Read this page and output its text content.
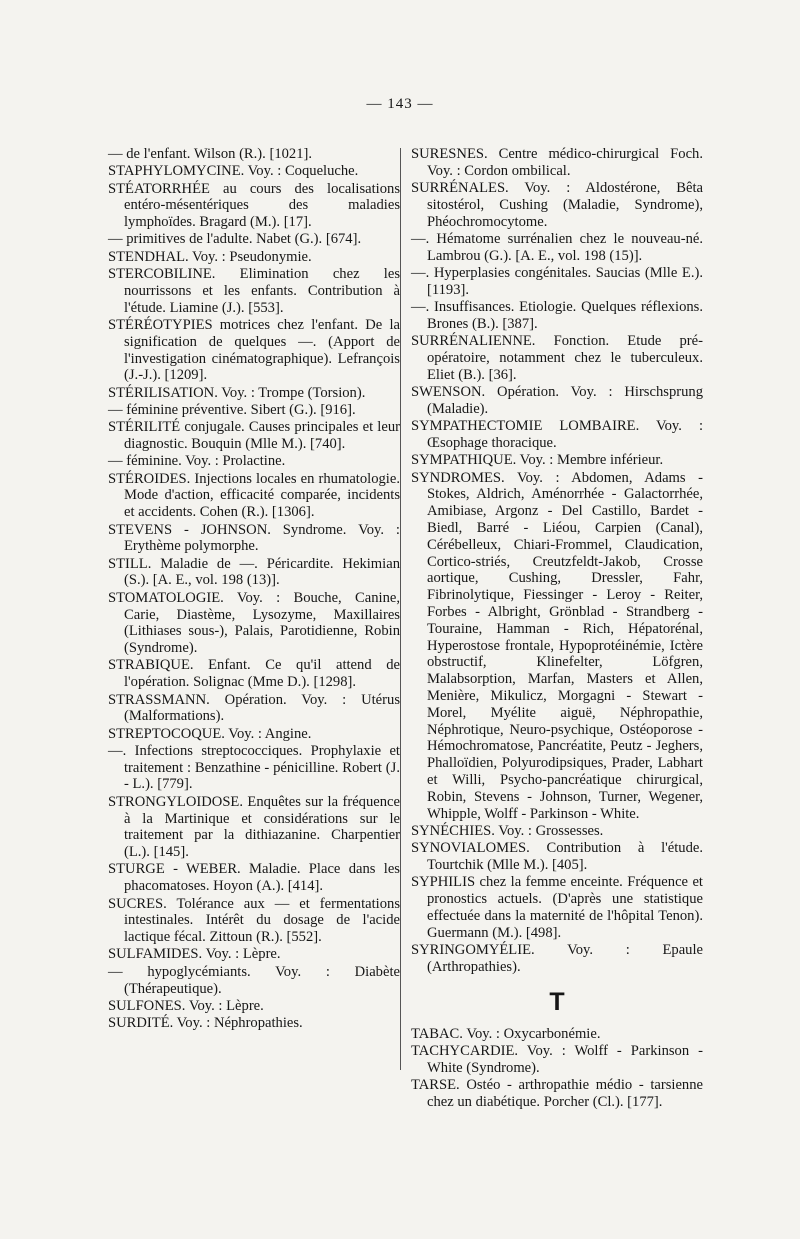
— 143 —

— de l'enfant. Wilson (R.). [1021].

STAPHYLOMYCINE. Voy. : Coqueluche.

STÉATORRHÉE au cours des localisations entéro-mésentériques des maladies lymphoïdes. Bragard (M.). [17].

— primitives de l'adulte. Nabet (G.). [674].

STENDHAL. Voy. : Pseudonymie.

STERCOBILINE. Elimination chez les nourrissons et les enfants. Contribution à l'étude. Liamine (J.). [553].

STÉRÉOTYPIES motrices chez l'enfant. De la signification de quelques —. (Apport de l'investigation cinématographique). Lefrançois (J.-J.). [1209].

STÉRILISATION. Voy. : Trompe (Torsion).

— féminine préventive. Sibert (G.). [916].

STÉRILITÉ conjugale. Causes principales et leur diagnostic. Bouquin (Mlle M.). [740].

— féminine. Voy. : Prolactine.

STÉROIDES. Injections locales en rhumatologie. Mode d'action, efficacité comparée, incidents et accidents. Cohen (R.). [1306].

STEVENS - JOHNSON. Syndrome. Voy. : Erythème polymorphe.

STILL. Maladie de —. Péricardite. Hekimian (S.). [A. E., vol. 198 (13)].

STOMATOLOGIE. Voy. : Bouche, Canine, Carie, Diastème, Lysozyme, Maxillaires (Lithiases sous-), Palais, Parotidienne, Robin (Syndrome).

STRABIQUE. Enfant. Ce qu'il attend de l'opération. Solignac (Mme D.). [1298].

STRASSMANN. Opération. Voy. : Utérus (Malformations).

STREPTOCOQUE. Voy. : Angine.

—. Infections streptococciques. Prophylaxie et traitement : Benzathine - pénicilline. Robert (J. - L.). [779].

STRONGYLOIDOSE. Enquêtes sur la fréquence à la Martinique et considérations sur le traitement par la dithiazanine. Charpentier (L.). [145].

STURGE - WEBER. Maladie. Place dans les phacomatoses. Hoyon (A.). [414].

SUCRES. Tolérance aux — et fermentations intestinales. Intérêt du dosage de l'acide lactique fécal. Zittoun (R.). [552].

SULFAMIDES. Voy. : Lèpre.

— hypoglycémiants. Voy. : Diabète (Thérapeutique).

SULFONES. Voy. : Lèpre.

SURDITÉ. Voy. : Néphropathies.

SURESNES. Centre médico-chirurgical Foch. Voy. : Cordon ombilical.

SURRÉNALES. Voy. : Aldostérone, Bêta sitostérol, Cushing (Maladie, Syndrome), Phéochromocytome.

—. Hématome surrénalien chez le nouveau-né. Lambrou (G.). [A. E., vol. 198 (15)].

—. Hyperplasies congénitales. Saucias (Mlle E.). [1193].

—. Insuffisances. Etiologie. Quelques réflexions. Brones (B.). [387].

SURRÉNALIENNE. Fonction. Etude pré-opératoire, notamment chez le tuberculeux. Eliet (B.). [36].

SWENSON. Opération. Voy. : Hirschsprung (Maladie).

SYMPATHECTOMIE LOMBAIRE. Voy. : Œsophage thoracique.

SYMPATHIQUE. Voy. : Membre inférieur.

SYNDROMES. Voy. : Abdomen, Adams - Stokes, Aldrich, Aménorrhée - Galactorrhée, Amibiase, Argonz - Del Castillo, Bardet - Biedl, Barré - Liéou, Carpien (Canal), Cérébelleux, Chiari-Frommel, Claudication, Cortico-striés, Creutzfeldt-Jakob, Crosse aortique, Cushing, Dressler, Fahr, Fibrinolytique, Fiessinger - Leroy - Reiter, Forbes - Albright, Grönblad - Strandberg - Touraine, Hamman - Rich, Hépatorénal, Hyperostose frontale, Hypoprotéinémie, Ictère obstructif, Klinefelter, Löfgren, Malabsorption, Marfan, Masters et Allen, Menière, Mikulicz, Morgagni - Stewart - Morel, Myélite aiguë, Néphropathie, Néphrotique, Neuro-psychique, Ostéoporose - Hémochromatose, Pancréatite, Peutz - Jeghers, Phalloïdien, Polyurodipsiques, Prader, Labhart et Willi, Psycho-pancréatique chirurgical, Robin, Stevens - Johnson, Turner, Wegener, Whipple, Wolff - Parkinson - White.

SYNÉCHIES. Voy. : Grossesses.

SYNOVIALOMES. Contribution à l'étude. Tourtchik (Mlle M.). [405].

SYPHILIS chez la femme enceinte. Fréquence et pronostics actuels. (D'après une statistique effectuée dans la maternité de l'hôpital Tenon). Guermann (M.). [498].

SYRINGOMYÉLIE. Voy. : Epaule (Arthropathies).

T

TABAC. Voy. : Oxycarbonémie.

TACHYCARDIE. Voy. : Wolff - Parkinson - White (Syndrome).

TARSE. Ostéo - arthropathie médio - tarsienne chez un diabétique. Porcher (Cl.). [177].
